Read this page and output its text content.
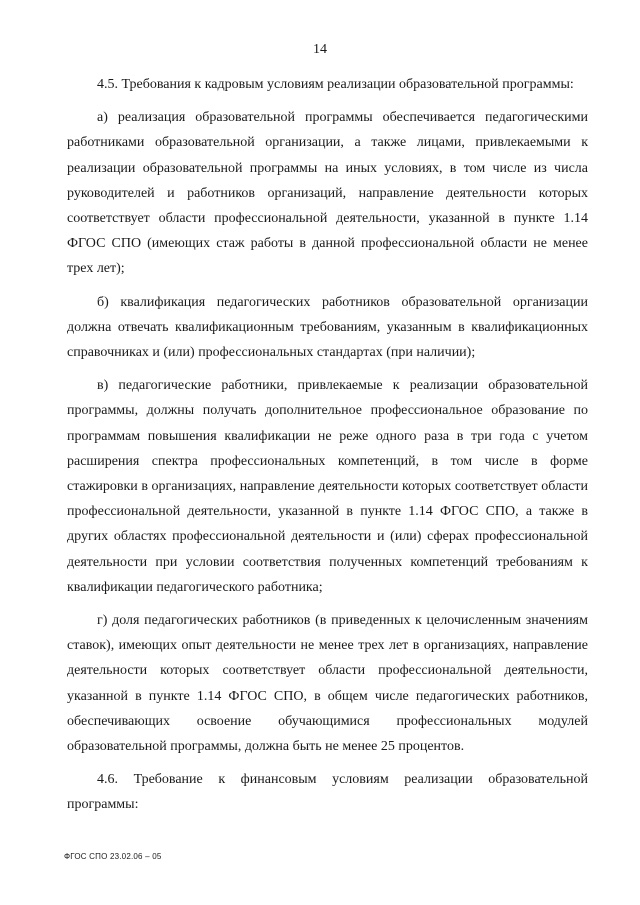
14

4.5. Требования к кадровым условиям реализации образовательной программы:

а) реализация образовательной программы обеспечивается педагогическими работниками образовательной организации, а также лицами, привлекаемыми к реализации образовательной программы на иных условиях, в том числе из числа руководителей и работников организаций, направление деятельности которых соответствует области профессиональной деятельности, указанной в пункте 1.14 ФГОС СПО (имеющих стаж работы в данной профессиональной области не менее трех лет);

б) квалификация педагогических работников образовательной организации должна отвечать квалификационным требованиям, указанным в квалификационных справочниках и (или) профессиональных стандартах (при наличии);

в) педагогические работники, привлекаемые к реализации образовательной программы, должны получать дополнительное профессиональное образование по программам повышения квалификации не реже одного раза в три года с учетом расширения спектра профессиональных компетенций, в том числе в форме стажировки в организациях, направление деятельности которых соответствует области профессиональной деятельности, указанной в пункте 1.14 ФГОС СПО, а также в других областях профессиональной деятельности и (или) сферах профессиональной деятельности при условии соответствия полученных компетенций требованиям к квалификации педагогического работника;

г) доля педагогических работников (в приведенных к целочисленным значениям ставок), имеющих опыт деятельности не менее трех лет в организациях, направление деятельности которых соответствует области профессиональной деятельности, указанной в пункте 1.14 ФГОС СПО, в общем числе педагогических работников, обеспечивающих освоение обучающимися профессиональных модулей образовательной программы, должна быть не менее 25 процентов.

4.6. Требование к финансовым условиям реализации образовательной программы:

ФГОС СПО 23.02.06 – 05
